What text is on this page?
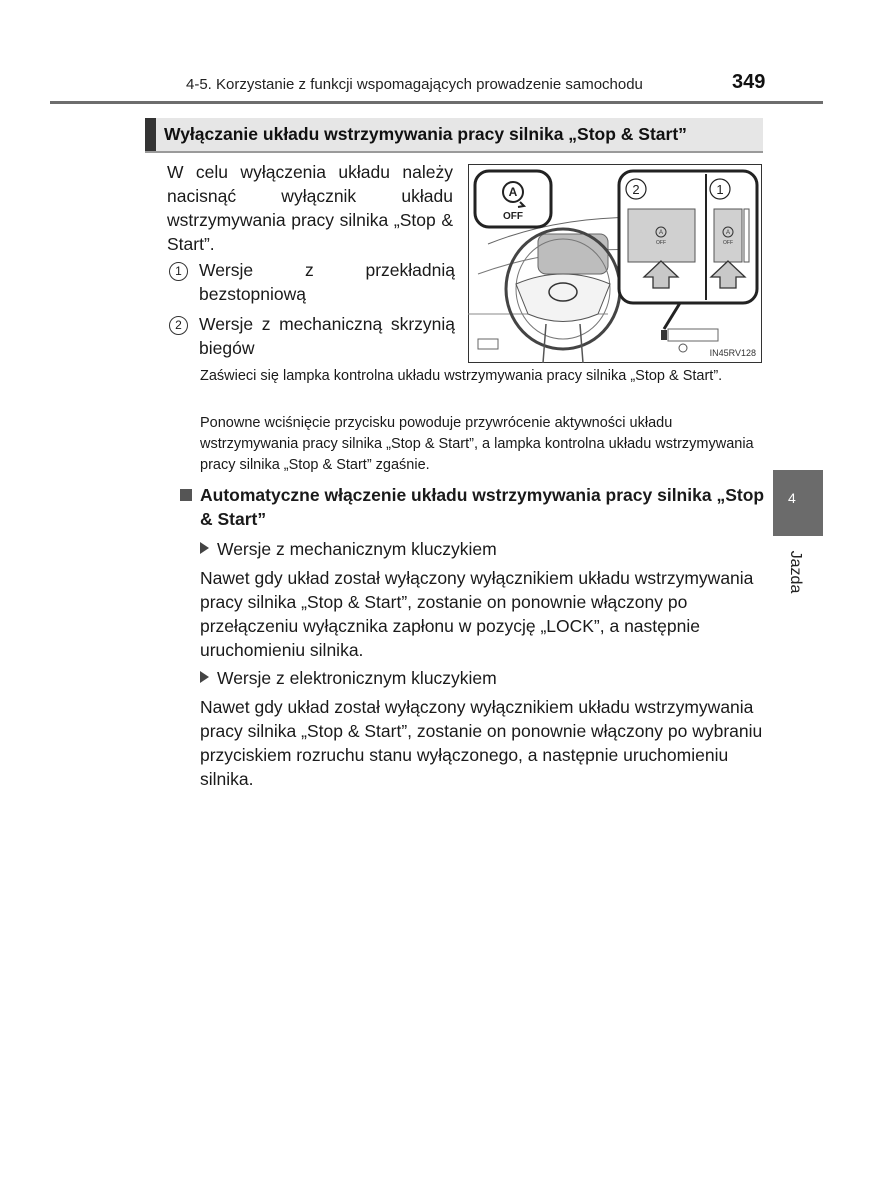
4-5. Korzystanie z funkcji wspomagających prowadzenie samochodu	349
Wyłączanie układu wstrzymywania pracy silnika „Stop & Start”

W celu wyłączenia układu należy nacisnąć wyłącznik układu wstrzymywania pracy silnika „Stop & Start”.

1 Wersje z przekładnią bezstopniową
2 Wersje z mechaniczną skrzynią biegów
A
OFF
2
A
OFF
1
A
OFF
IN45RV128

Zaświeci się lampka kontrolna układu wstrzymywania pracy silnika „Stop & Start”.

Ponowne wciśnięcie przycisku powoduje przywrócenie aktywności układu wstrzymywania pracy silnika „Stop & Start”, a lampka kontrolna układu wstrzymywania pracy silnika „Stop & Start” zgaśnie.

Automatyczne włączenie układu wstrzymywania pracy silnika „Stop & Start”
Wersje z mechanicznym kluczykiem

Nawet gdy układ został wyłączony wyłącznikiem układu wstrzymywania pracy silnika „Stop & Start”, zostanie on ponownie włączony po przełączeniu wyłącznika zapłonu w pozycję „LOCK”, a następnie uruchomieniu silnika.

Wersje z elektronicznym kluczykiem

Nawet gdy układ został wyłączony wyłącznikiem układu wstrzymywania pracy silnika „Stop & Start”, zostanie on ponownie włączony po wybraniu przyciskiem rozruchu stanu wyłączonego, a następnie uruchomieniu silnika.

4
Jazda
